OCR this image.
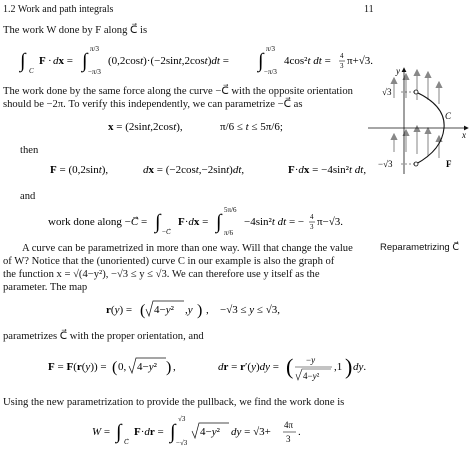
1.2 Work and path integrals	11
The work W done by F along C⃗ is
∫ C⃗
F · dx = ∫
π/3
−π/3
(0,2cost)·(−2sint,2cost)dt = ∫
π/3
−π/3
4cos²t dt = 4
3 π+√3.
The work done by the same force along the curve −C⃗ with the opposite orientation
should be −2π. To verify this independently, we can parametrize −C⃗ as
x = (2sint,2cost),	π/6 ≤ t ≤ 5π/6;
then
F = (0,2sint),	dx = (−2cost,−2sint)dt,	F·dx = −4sin²t dt,
and
work done along −C⃗ = ∫ −C
F·dx = ∫
5π/6
π/6
−4sin²t dt = − 4
3 π−√3.
A curve can be parametrized in more than one way. Will that change the value
of W? Notice that the (unoriented) curve C in our example is also the graph of
the function x = √(4−y²), −√3 ≤ y ≤ √3. We can therefore use y itself as the
parameter. The map
Reparametrizing C⃗
r(y) = ( 4−y² ,y ) , −√3 ≤ y ≤ √3,
parametrizes C⃗ with the proper orientation, and
F = F(r(y)) = ( 0, 4−y² ) ,	dr = r′(y)dy = ( −y
4−y²
,1 ) dy.
Using the new parametrization to provide the pullback, we find the work done is
W = ∫ C
F·dr = ∫
√3
−√3
4−y² dy = √3+
4π
3
.
y
x
√3
−√3
C⃗
F
